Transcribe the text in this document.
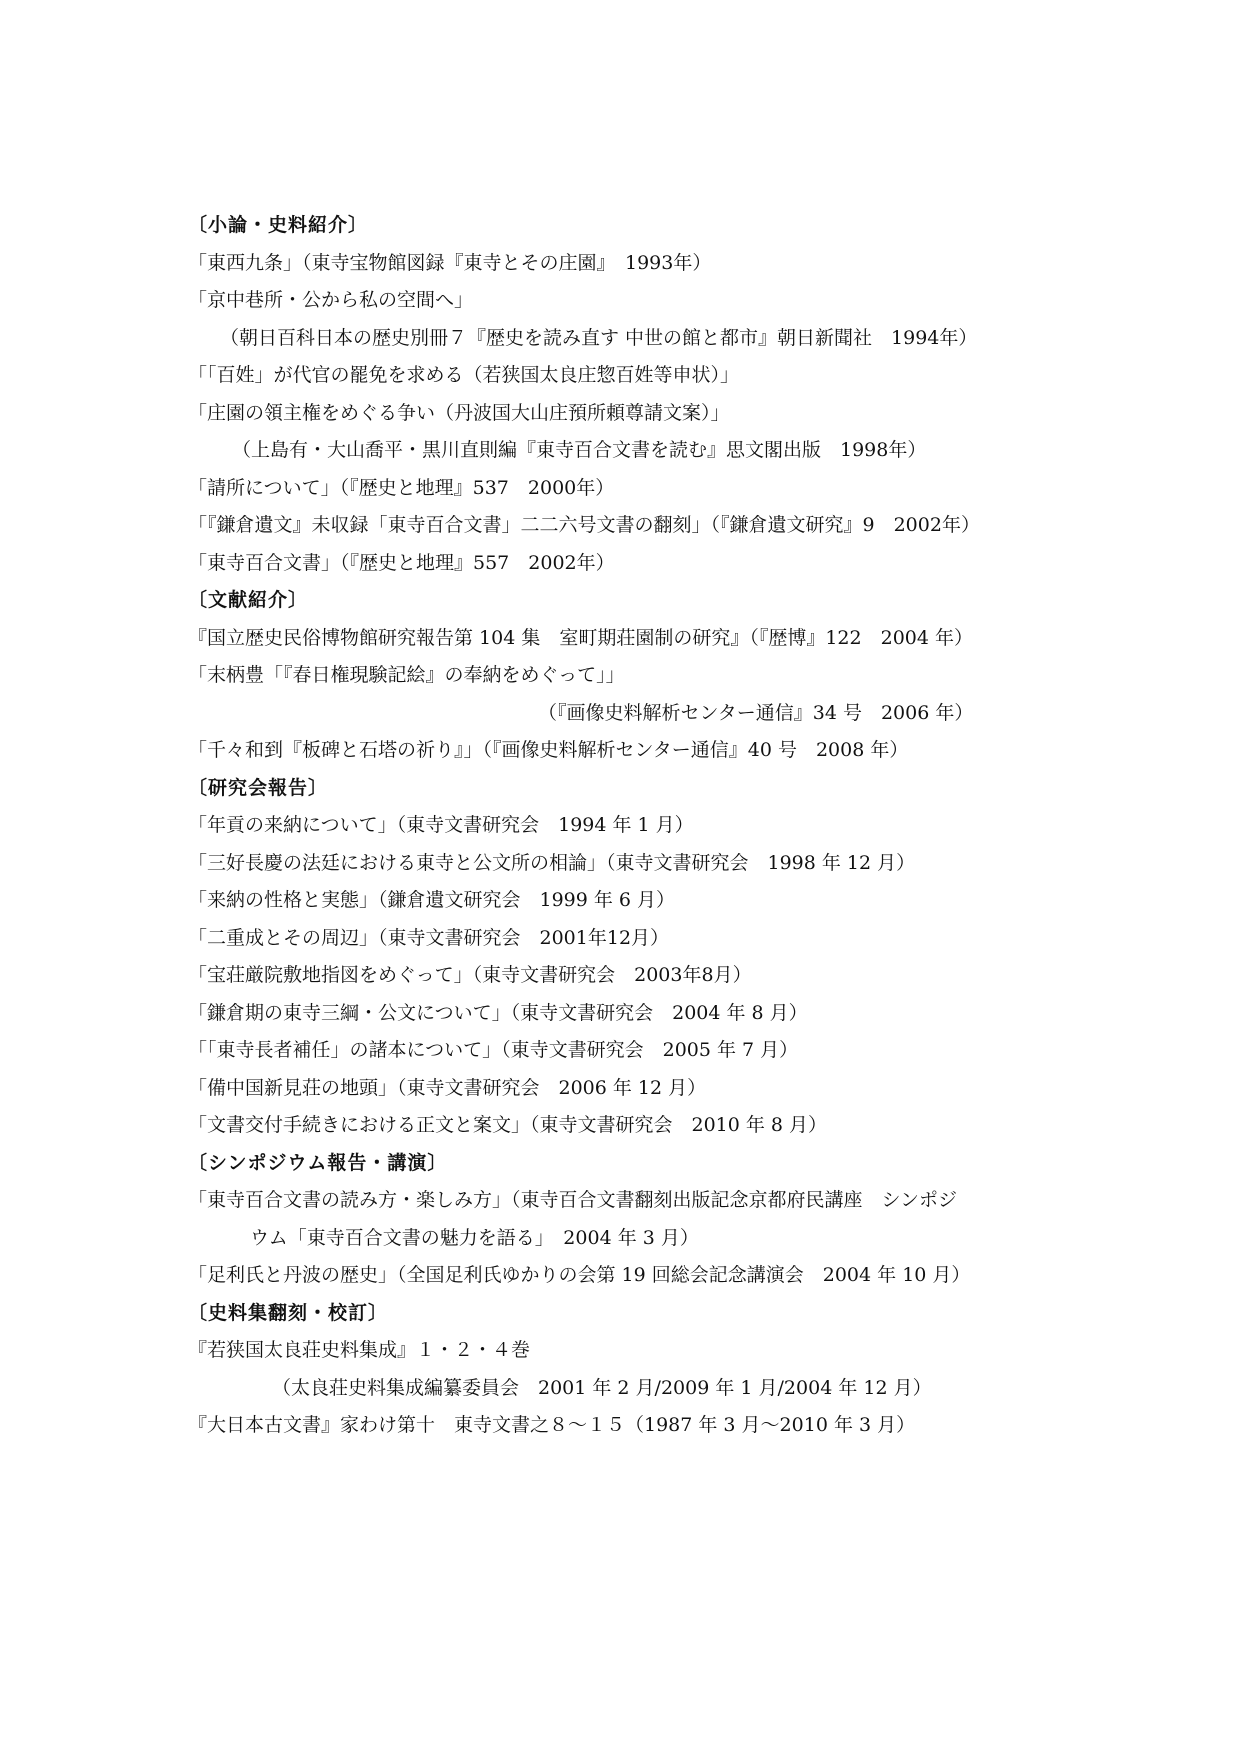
〔小論・史料紹介〕
「東西九条」（東寺宝物館図録『東寺とその庄園』　1993年）
「京中巷所・公から私の空間へ」
（朝日百科日本の歴史別冊７『歴史を読み直す 中世の館と都市』朝日新聞社　1994年）
「「百姓」が代官の罷免を求める（若狭国太良庄惣百姓等申状）」
「庄園の領主権をめぐる争い（丹波国大山庄預所頼尊請文案）」
（上島有・大山喬平・黒川直則編『東寺百合文書を読む』思文閣出版　1998年）
「請所について」（『歴史と地理』537　2000年）
「『鎌倉遺文』未収録「東寺百合文書」二二六号文書の翻刻」（『鎌倉遺文研究』9　2002年）
「東寺百合文書」（『歴史と地理』557　2002年）
〔文献紹介〕
『国立歴史民俗博物館研究報告第 104 集　室町期荘園制の研究』（『歴博』122　2004 年）
「末柄豊「『春日権現験記絵』の奉納をめぐって」」
（『画像史料解析センター通信』34 号　2006 年）
「千々和到『板碑と石塔の祈り』」（『画像史料解析センター通信』40 号　2008 年）
〔研究会報告〕
「年貢の来納について」（東寺文書研究会　1994 年 1 月）
「三好長慶の法廷における東寺と公文所の相論」（東寺文書研究会　1998 年 12 月）
「来納の性格と実態」（鎌倉遺文研究会　1999 年 6 月）
「二重成とその周辺」（東寺文書研究会　2001年12月）
「宝荘厳院敷地指図をめぐって」（東寺文書研究会　2003年8月）
「鎌倉期の東寺三綱・公文について」（東寺文書研究会　2004 年 8 月）
「「東寺長者補任」の諸本について」（東寺文書研究会　2005 年 7 月）
「備中国新見荘の地頭」（東寺文書研究会　2006 年 12 月）
「文書交付手続きにおける正文と案文」（東寺文書研究会　2010 年 8 月）
〔シンポジウム報告・講演〕
「東寺百合文書の読み方・楽しみ方」（東寺百合文書翻刻出版記念京都府民講座　シンポジ
ウム「東寺百合文書の魅力を語る」　2004 年 3 月）
「足利氏と丹波の歴史」（全国足利氏ゆかりの会第 19 回総会記念講演会　2004 年 10 月）
〔史料集翻刻・校訂〕
『若狭国太良荘史料集成』１・２・４巻
（太良荘史料集成編纂委員会　2001 年 2 月/2009 年 1 月/2004 年 12 月）
『大日本古文書』家わけ第十　東寺文書之８～１５（1987 年 3 月～2010 年 3 月）
